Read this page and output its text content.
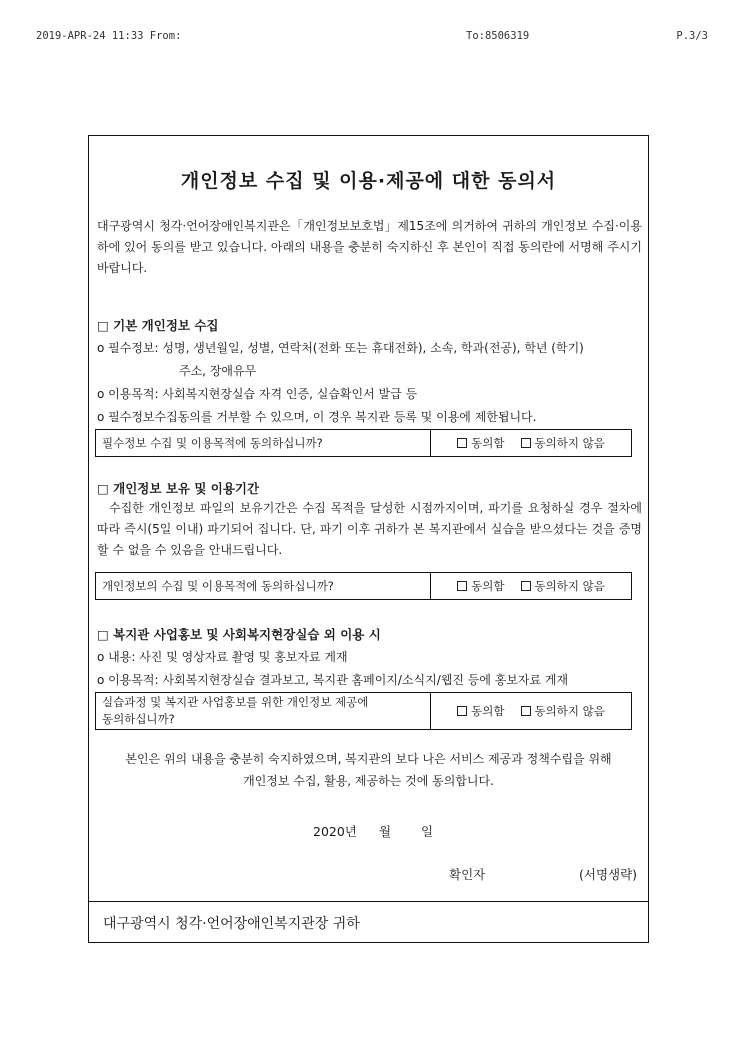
2019-APR-24 11:33 From:	To:8506319	P.3/3
개인정보 수집 및 이용·제공에 대한 동의서
대구광역시 청각·언어장애인복지관은「개인정보보호법」제15조에 의거하여 귀하의 개인정보 수집·이용하에 있어 동의를 받고 있습니다. 아래의 내용을 충분히 숙지하신 후 본인이 직접 동의란에 서명해 주시기 바랍니다.
□ 기본 개인정보 수집
o 필수정보: 성명, 생년월일, 성별, 연락처(전화 또는 휴대전화), 소속, 학과(전공), 학년 (학기)
주소, 장애유무
o 이용목적: 사회복지현장실습 자격 인증, 실습확인서 발급 등
o 필수정보수집동의를 거부할 수 있으며, 이 경우 복지관 등록 및 이용에 제한됩니다.
필수정보 수집 및 이용목적에 동의하십니까?	동의함	동의하지 않음
□ 개인정보 보유 및 이용기간
수집한 개인정보 파일의 보유기간은 수집 목적을 달성한 시점까지이며, 파기를 요청하실 경우 절차에 따라 즉시(5일 이내) 파기되어 집니다. 단, 파기 이후 귀하가 본 복지관에서 실습을 받으셨다는 것을 증명할 수 없을 수 있음을 안내드립니다.
개인정보의 수집 및 이용목적에 동의하십니까?	동의함	동의하지 않음
□ 복지관 사업홍보 및 사회복지현장실습 외 이용 시
o 내용: 사진 및 영상자료 촬영 및 홍보자료 게재
o 이용목적: 사회복지현장실습 결과보고, 복지관 홈페이지/소식지/웹진 등에 홍보자료 게재
실습과정 및 복지관 사업홍보를 위한 개인정보 제공에
동의하십니까?
동의함	동의하지 않음
본인은 위의 내용을 충분히 숙지하였으며, 복지관의 보다 나은 서비스 제공과 정책수립을 위해
개인정보 수집, 활용, 제공하는 것에 동의합니다.
2020년 월 일
확인자	(서명생략)
대구광역시 청각·언어장애인복지관장 귀하
